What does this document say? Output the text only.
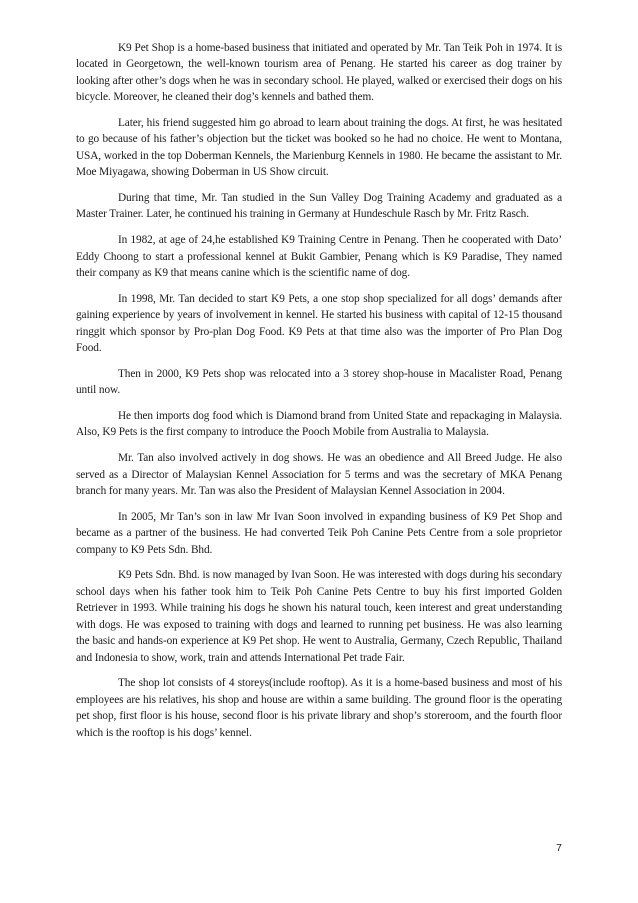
K9 Pet Shop is a home-based business that initiated and operated by Mr. Tan Teik Poh in 1974. It is located in Georgetown, the well-known tourism area of Penang. He started his career as dog trainer by looking after other’s dogs when he was in secondary school. He played, walked or exercised their dogs on his bicycle. Moreover, he cleaned their dog’s kennels and bathed them.

Later, his friend suggested him go abroad to learn about training the dogs. At first, he was hesitated to go because of his father’s objection but the ticket was booked so he had no choice. He went to Montana, USA, worked in the top Doberman Kennels, the Marienburg Kennels in 1980. He became the assistant to Mr. Moe Miyagawa, showing Doberman in US Show circuit.

During that time, Mr. Tan studied in the Sun Valley Dog Training Academy and graduated as a Master Trainer. Later, he continued his training in Germany at Hundeschule Rasch by Mr. Fritz Rasch.

In 1982, at age of 24,he established K9 Training Centre in Penang. Then he cooperated with Dato’ Eddy Choong to start a professional kennel at Bukit Gambier, Penang which is K9 Paradise, They named their company as K9 that means canine which is the scientific name of dog.

In 1998, Mr. Tan decided to start K9 Pets, a one stop shop specialized for all dogs’ demands after gaining experience by years of involvement in kennel. He started his business with capital of 12-15 thousand ringgit which sponsor by Pro-plan Dog Food. K9 Pets at that time also was the importer of Pro Plan Dog Food.

Then in 2000, K9 Pets shop was relocated into a 3 storey shop-house in Macalister Road, Penang until now.

He then imports dog food which is Diamond brand from United State and repackaging in Malaysia. Also, K9 Pets is the first company to introduce the Pooch Mobile from Australia to Malaysia.

Mr. Tan also involved actively in dog shows. He was an obedience and All Breed Judge. He also served as a Director of Malaysian Kennel Association for 5 terms and was the secretary of MKA Penang branch for many years. Mr. Tan was also the President of Malaysian Kennel Association in 2004.

In 2005, Mr Tan’s son in law Mr Ivan Soon involved in expanding business of K9 Pet Shop and became as a partner of the business. He had converted Teik Poh Canine Pets Centre from a sole proprietor company to K9 Pets Sdn. Bhd.

K9 Pets Sdn. Bhd. is now managed by Ivan Soon. He was interested with dogs during his secondary school days when his father took him to Teik Poh Canine Pets Centre to buy his first imported Golden Retriever in 1993. While training his dogs he shown his natural touch, keen interest and great understanding with dogs. He was exposed to training with dogs and learned to running pet business. He was also learning the basic and hands-on experience at K9 Pet shop. He went to Australia, Germany, Czech Republic, Thailand and Indonesia to show, work, train and attends International Pet trade Fair.

The shop lot consists of 4 storeys(include rooftop). As it is a home-based business and most of his employees are his relatives, his shop and house are within a same building. The ground floor is the operating pet shop, first floor is his house, second floor is his private library and shop’s storeroom, and the fourth floor which is the rooftop is his dogs’ kennel.

7
